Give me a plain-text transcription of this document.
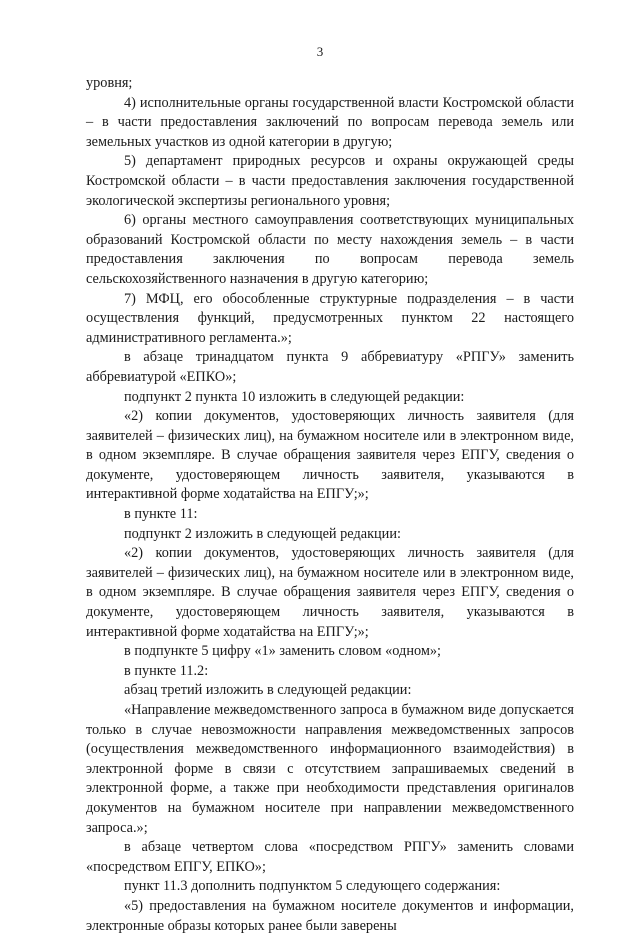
3

уровня;

4) исполнительные органы государственной власти Костромской области – в части предоставления заключений по вопросам перевода земель или земельных участков из одной категории в другую;

5) департамент природных ресурсов и охраны окружающей среды Костромской области – в части предоставления заключения государственной экологической экспертизы регионального уровня;

6) органы местного самоуправления соответствующих муниципальных образований Костромской области по месту нахождения земель – в части предоставления заключения по вопросам перевода земель сельскохозяйственного назначения в другую категорию;

7) МФЦ, его обособленные структурные подразделения – в части осуществления функций, предусмотренных пунктом 22 настоящего административного регламента.»;

в абзаце тринадцатом пункта 9 аббревиатуру «РПГУ» заменить аббревиатурой «ЕПКО»;

подпункт 2 пункта 10 изложить в следующей редакции:

«2) копии документов, удостоверяющих личность заявителя (для заявителей – физических лиц), на бумажном носителе или в электронном виде, в одном экземпляре. В случае обращения заявителя через ЕПГУ, сведения о документе, удостоверяющем личность заявителя, указываются в интерактивной форме ходатайства на ЕПГУ;»;

в пункте 11:

подпункт 2 изложить в следующей редакции:

«2) копии документов, удостоверяющих личность заявителя (для заявителей – физических лиц), на бумажном носителе или в электронном виде, в одном экземпляре. В случае обращения заявителя через ЕПГУ, сведения о документе, удостоверяющем личность заявителя, указываются в интерактивной форме ходатайства на ЕПГУ;»;

в подпункте 5 цифру «1» заменить словом «одном»;

в пункте 11.2:

абзац третий изложить в следующей редакции:

«Направление межведомственного запроса в бумажном виде допускается только в случае невозможности направления межведомственных запросов (осуществления межведомственного информационного взаимодействия) в электронной форме в связи с отсутствием запрашиваемых сведений в электронной форме, а также при необходимости представления оригиналов документов на бумажном носителе при направлении межведомственного запроса.»;

в абзаце четвертом слова «посредством РПГУ» заменить словами «посредством ЕПГУ, ЕПКО»;

пункт 11.3 дополнить подпунктом 5 следующего содержания:

«5) предоставления на бумажном носителе документов и информации, электронные образы которых ранее были заверены
